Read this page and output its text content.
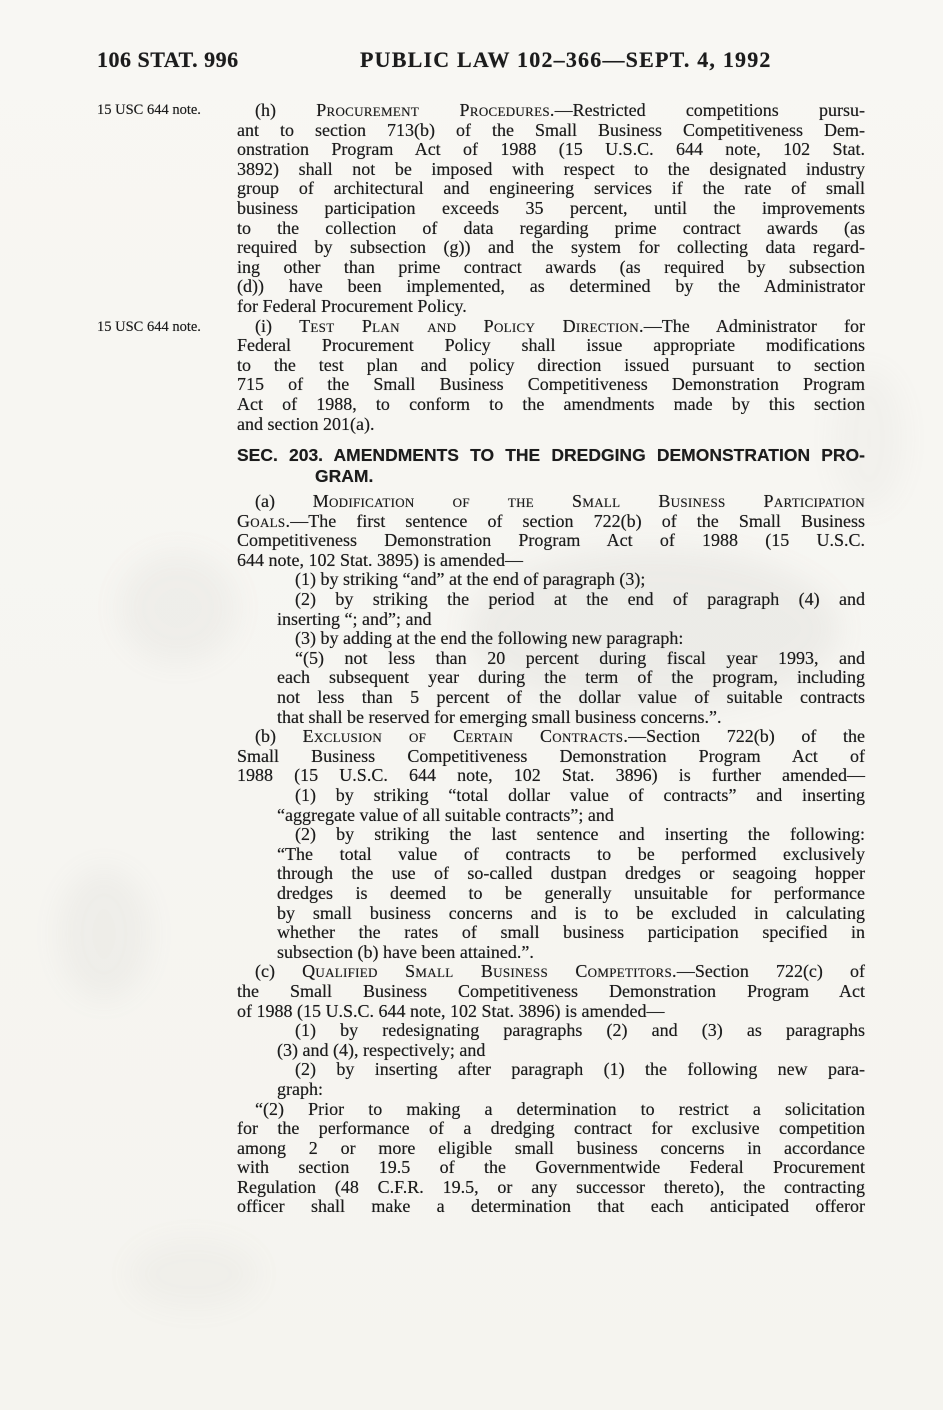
106 STAT. 996	PUBLIC LAW 102–366—SEPT. 4, 1992
15 USC 644 note.
15 USC 644 note.
(h) Procurement Procedures.—Restricted competitions pursu-
ant to section 713(b) of the Small Business Competitiveness Dem-
onstration Program Act of 1988 (15 U.S.C. 644 note, 102 Stat.
3892) shall not be imposed with respect to the designated industry
group of architectural and engineering services if the rate of small
business participation exceeds 35 percent, until the improvements
to the collection of data regarding prime contract awards (as
required by subsection (g)) and the system for collecting data regard-
ing other than prime contract awards (as required by subsection
(d)) have been implemented, as determined by the Administrator
for Federal Procurement Policy.
(i) Test Plan and Policy Direction.—The Administrator for
Federal Procurement Policy shall issue appropriate modifications
to the test plan and policy direction issued pursuant to section
715 of the Small Business Competitiveness Demonstration Program
Act of 1988, to conform to the amendments made by this section
and section 201(a).
SEC. 203. AMENDMENTS TO THE DREDGING DEMONSTRATION PRO-
GRAM.
(a) Modification of the Small Business Participation
Goals.—The first sentence of section 722(b) of the Small Business
Competitiveness Demonstration Program Act of 1988 (15 U.S.C.
644 note, 102 Stat. 3895) is amended—
(1) by striking “and” at the end of paragraph (3);
(2) by striking the period at the end of paragraph (4) and
inserting “; and”; and
(3) by adding at the end the following new paragraph:
“(5) not less than 20 percent during fiscal year 1993, and
each subsequent year during the term of the program, including
not less than 5 percent of the dollar value of suitable contracts
that shall be reserved for emerging small business concerns.”.
(b) Exclusion of Certain Contracts.—Section 722(b) of the
Small Business Competitiveness Demonstration Program Act of
1988 (15 U.S.C. 644 note, 102 Stat. 3896) is further amended—
(1) by striking “total dollar value of contracts” and inserting
“aggregate value of all suitable contracts”; and
(2) by striking the last sentence and inserting the following:
“The total value of contracts to be performed exclusively
through the use of so-called dustpan dredges or seagoing hopper
dredges is deemed to be generally unsuitable for performance
by small business concerns and is to be excluded in calculating
whether the rates of small business participation specified in
subsection (b) have been attained.”.
(c) Qualified Small Business Competitors.—Section 722(c) of
the Small Business Competitiveness Demonstration Program Act
of 1988 (15 U.S.C. 644 note, 102 Stat. 3896) is amended—
(1) by redesignating paragraphs (2) and (3) as paragraphs
(3) and (4), respectively; and
(2) by inserting after paragraph (1) the following new para-
graph:
“(2) Prior to making a determination to restrict a solicitation
for the performance of a dredging contract for exclusive competition
among 2 or more eligible small business concerns in accordance
with section 19.5 of the Governmentwide Federal Procurement
Regulation (48 C.F.R. 19.5, or any successor thereto), the contracting
officer shall make a determination that each anticipated offeror
